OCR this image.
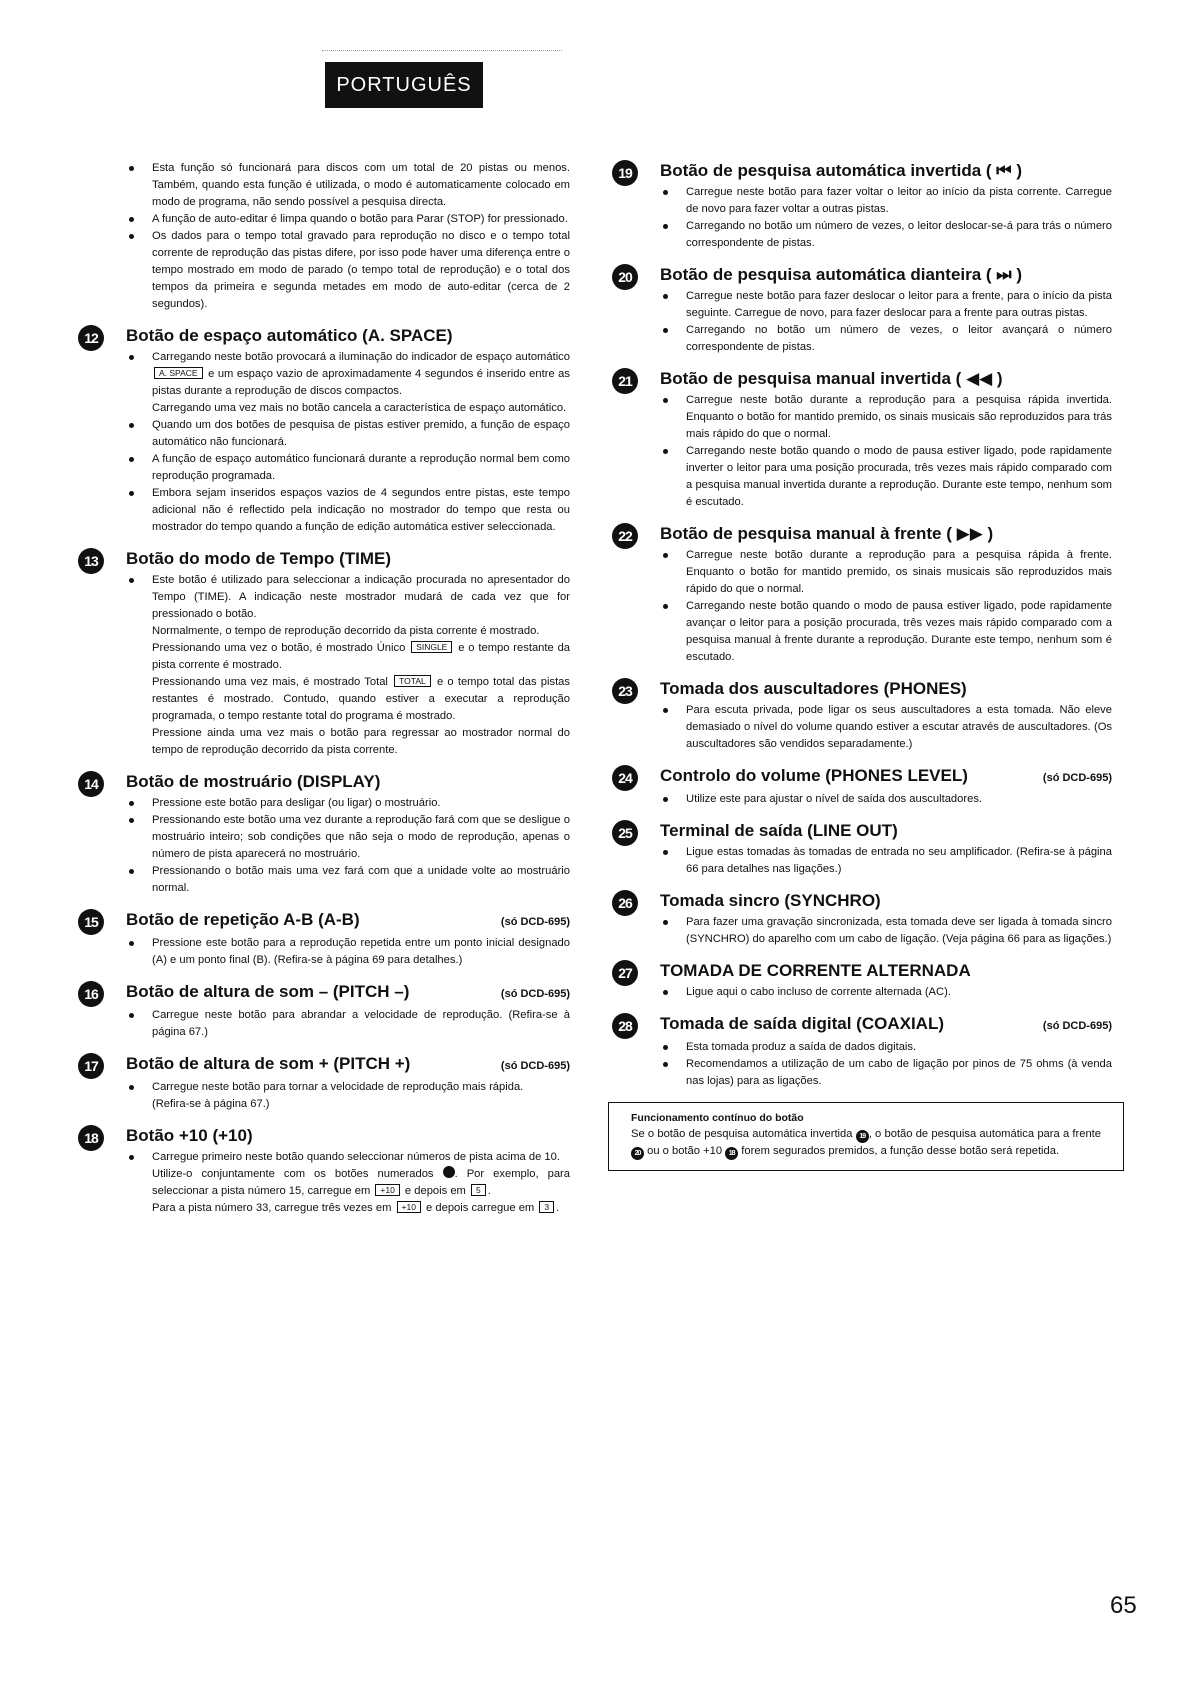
PORTUGUÊS
Esta função só funcionará para discos com um total de 20 pistas ou menos. Também, quando esta função é utilizada, o modo é automaticamente colocado em modo de programa, não sendo possível a pesquisa directa.
A função de auto-editar é limpa quando o botão para Parar (STOP) for pressionado.
Os dados para o tempo total gravado para reprodução no disco e o tempo total corrente de reprodução das pistas difere, por isso pode haver uma diferença entre o tempo mostrado em modo de parado (o tempo total de reprodução) e o total dos tempos da primeira e segunda metades em modo de auto-editar (cerca de 2 segundos).
12	Botão de espaço automático (A. SPACE)
Carregando neste botão provocará a iluminação do indicador de espaço automático A. SPACE e um espaço vazio de aproximadamente 4 segundos é inserido entre as pistas durante a reprodução de discos compactos.
Carregando uma vez mais no botão cancela a característica de espaço automático.
Quando um dos botões de pesquisa de pistas estiver premido, a função de espaço automático não funcionará.
A função de espaço automático funcionará durante a reprodução normal bem como reprodução programada.
Embora sejam inseridos espaços vazios de 4 segundos entre pistas, este tempo adicional não é reflectido pela indicação no mostrador do tempo que resta ou mostrador do tempo quando a função de edição automática estiver seleccionada.
13	Botão do modo de Tempo (TIME)
Este botão é utilizado para seleccionar a indicação procurada no apresentador do Tempo (TIME). A indicação neste mostrador mudará de cada vez que for pressionado o botão.
Normalmente, o tempo de reprodução decorrido da pista corrente é mostrado.
Pressionando uma vez o botão, é mostrado Único SINGLE e o tempo restante da pista corrente é mostrado.
Pressionando uma vez mais, é mostrado Total TOTAL e o tempo total das pistas restantes é mostrado. Contudo, quando estiver a executar a reprodução programada, o tempo restante total do programa é mostrado.
Pressione ainda uma vez mais o botão para regressar ao mostrador normal do tempo de reprodução decorrido da pista corrente.
14	Botão de mostruário (DISPLAY)
Pressione este botão para desligar (ou ligar) o mostruário.
Pressionando este botão uma vez durante a reprodução fará com que se desligue o mostruário inteiro; sob condições que não seja o modo de reprodução, apenas o número de pista aparecerá no mostruário.
Pressionando o botão mais uma vez fará com que a unidade volte ao mostruário normal.
15	Botão de repetição A-B (A-B)	(só DCD-695)
Pressione este botão para a reprodução repetida entre um ponto inicial designado (A) e um ponto final (B). (Refira-se à página 69 para detalhes.)
16	Botão de altura de som – (PITCH –)	(só DCD-695)
Carregue neste botão para abrandar a velocidade de reprodução. (Refira-se à página 67.)
17	Botão de altura de som + (PITCH +)	(só DCD-695)
Carregue neste botão para tornar a velocidade de reprodução mais rápida.
(Refira-se à página 67.)
18	Botão +10 (+10)
Carregue primeiro neste botão quando seleccionar números de pista acima de 10.
Utilize-o conjuntamente com os botões numerados . Por exemplo, para seleccionar a pista número 15, carregue em +10 e depois em 5 .
Para a pista número 33, carregue três vezes em +10 e depois carregue em 3 .
19	Botão de pesquisa automática invertida ( ⏮ )
Carregue neste botão para fazer voltar o leitor ao início da pista corrente. Carregue de novo para fazer voltar a outras pistas.
Carregando no botão um número de vezes, o leitor deslocar-se-á para trás o número correspondente de pistas.
20	Botão de pesquisa automática dianteira ( ⏭ )
Carregue neste botão para fazer deslocar o leitor para a frente, para o início da pista seguinte. Carregue de novo, para fazer deslocar para a frente para outras pistas.
Carregando no botão um número de vezes, o leitor avançará o número correspondente de pistas.
21	Botão de pesquisa manual invertida ( ◀◀ )
Carregue neste botão durante a reprodução para a pesquisa rápida invertida. Enquanto o botão for mantido premido, os sinais musicais são reproduzidos para trás mais rápido do que o normal.
Carregando neste botão quando o modo de pausa estiver ligado, pode rapidamente inverter o leitor para uma posição procurada, três vezes mais rápido comparado com a pesquisa manual invertida durante a reprodução. Durante este tempo, nenhum som é escutado.
22	Botão de pesquisa manual à frente ( ▶▶ )
Carregue neste botão durante a reprodução para a pesquisa rápida à frente. Enquanto o botão for mantido premido, os sinais musicais são reproduzidos mais rápido do que o normal.
Carregando neste botão quando o modo de pausa estiver ligado, pode rapidamente avançar o leitor para a posição procurada, três vezes mais rápido comparado com a pesquisa manual à frente durante a reprodução. Durante este tempo, nenhum som é escutado.
23	Tomada dos auscultadores (PHONES)
Para escuta privada, pode ligar os seus auscultadores a esta tomada. Não eleve demasiado o nível do volume quando estiver a escutar através de auscultadores. (Os auscultadores são vendidos separadamente.)
24	Controlo do volume (PHONES LEVEL)	(só DCD-695)
Utilize este para ajustar o nível de saída dos auscultadores.
25	Terminal de saída (LINE OUT)
Ligue estas tomadas às tomadas de entrada no seu amplificador. (Refira-se à página 66 para detalhes nas ligações.)
26	Tomada sincro (SYNCHRO)
Para fazer uma gravação sincronizada, esta tomada deve ser ligada à tomada sincro (SYNCHRO) do aparelho com um cabo de ligação. (Veja página 66 para as ligações.)
27	TOMADA DE CORRENTE ALTERNADA
Ligue aqui o cabo incluso de corrente alternada (AC).
28	Tomada de saída digital (COAXIAL)	(só DCD-695)
Esta tomada produz a saída de dados digitais.
Recomendamos a utilização de um cabo de ligação por pinos de 75 ohms (à venda nas lojas) para as ligações.
Funcionamento contínuo do botão
Se o botão de pesquisa automática invertida 19 , o botão de pesquisa automática para a frente 20 ou o botão +10 18 forem segurados premidos, a função desse botão será repetida.
65
